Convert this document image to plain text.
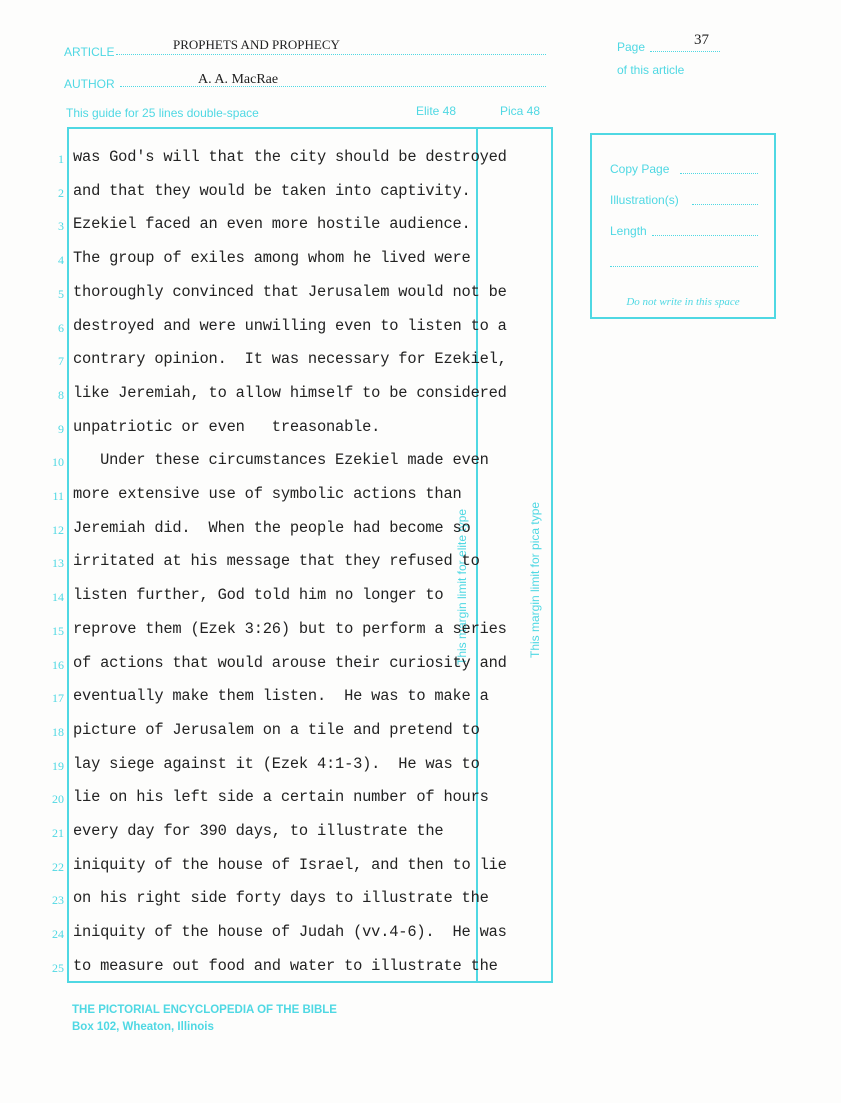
ARTICLE	PROPHETS AND PROPHECY
AUTHOR	A. A. MacRae
Page	37
of this article
This guide for 25 lines double-space	Elite 48	Pica 48
This margin limit for elite type	This margin limit for pica type
1 was God's will that the city should be destroyed
2 and that they would be taken into captivity.
3 Ezekiel faced an even more hostile audience.
4 The group of exiles among whom he lived were
5 thoroughly convinced that Jerusalem would not be
6 destroyed and were unwilling even to listen to a
7 contrary opinion.  It was necessary for Ezekiel,
8 like Jeremiah, to allow himself to be considered
9 unpatriotic or even   treasonable.
10 Under these circumstances Ezekiel made even
11 more extensive use of symbolic actions than
12 Jeremiah did.  When the people had become so
13 irritated at his message that they refused to
14 listen further, God told him no longer to
15 reprove them (Ezek 3:26) but to perform a series
16 of actions that would arouse their curiosity and
17 eventually make them listen.  He was to make a
18 picture of Jerusalem on a tile and pretend to
19 lay siege against it (Ezek 4:1-3).  He was to
20 lie on his left side a certain number of hours
21 every day for 390 days, to illustrate the
22 iniquity of the house of Israel, and then to lie
23 on his right side forty days to illustrate the
24 iniquity of the house of Judah (vv.4-6).  He was
25 to measure out food and water to illustrate the
Copy Page
Illustration(s)
Length
Do not write in this space
THE PICTORIAL ENCYCLOPEDIA OF THE BIBLE
Box 102, Wheaton, Illinois
